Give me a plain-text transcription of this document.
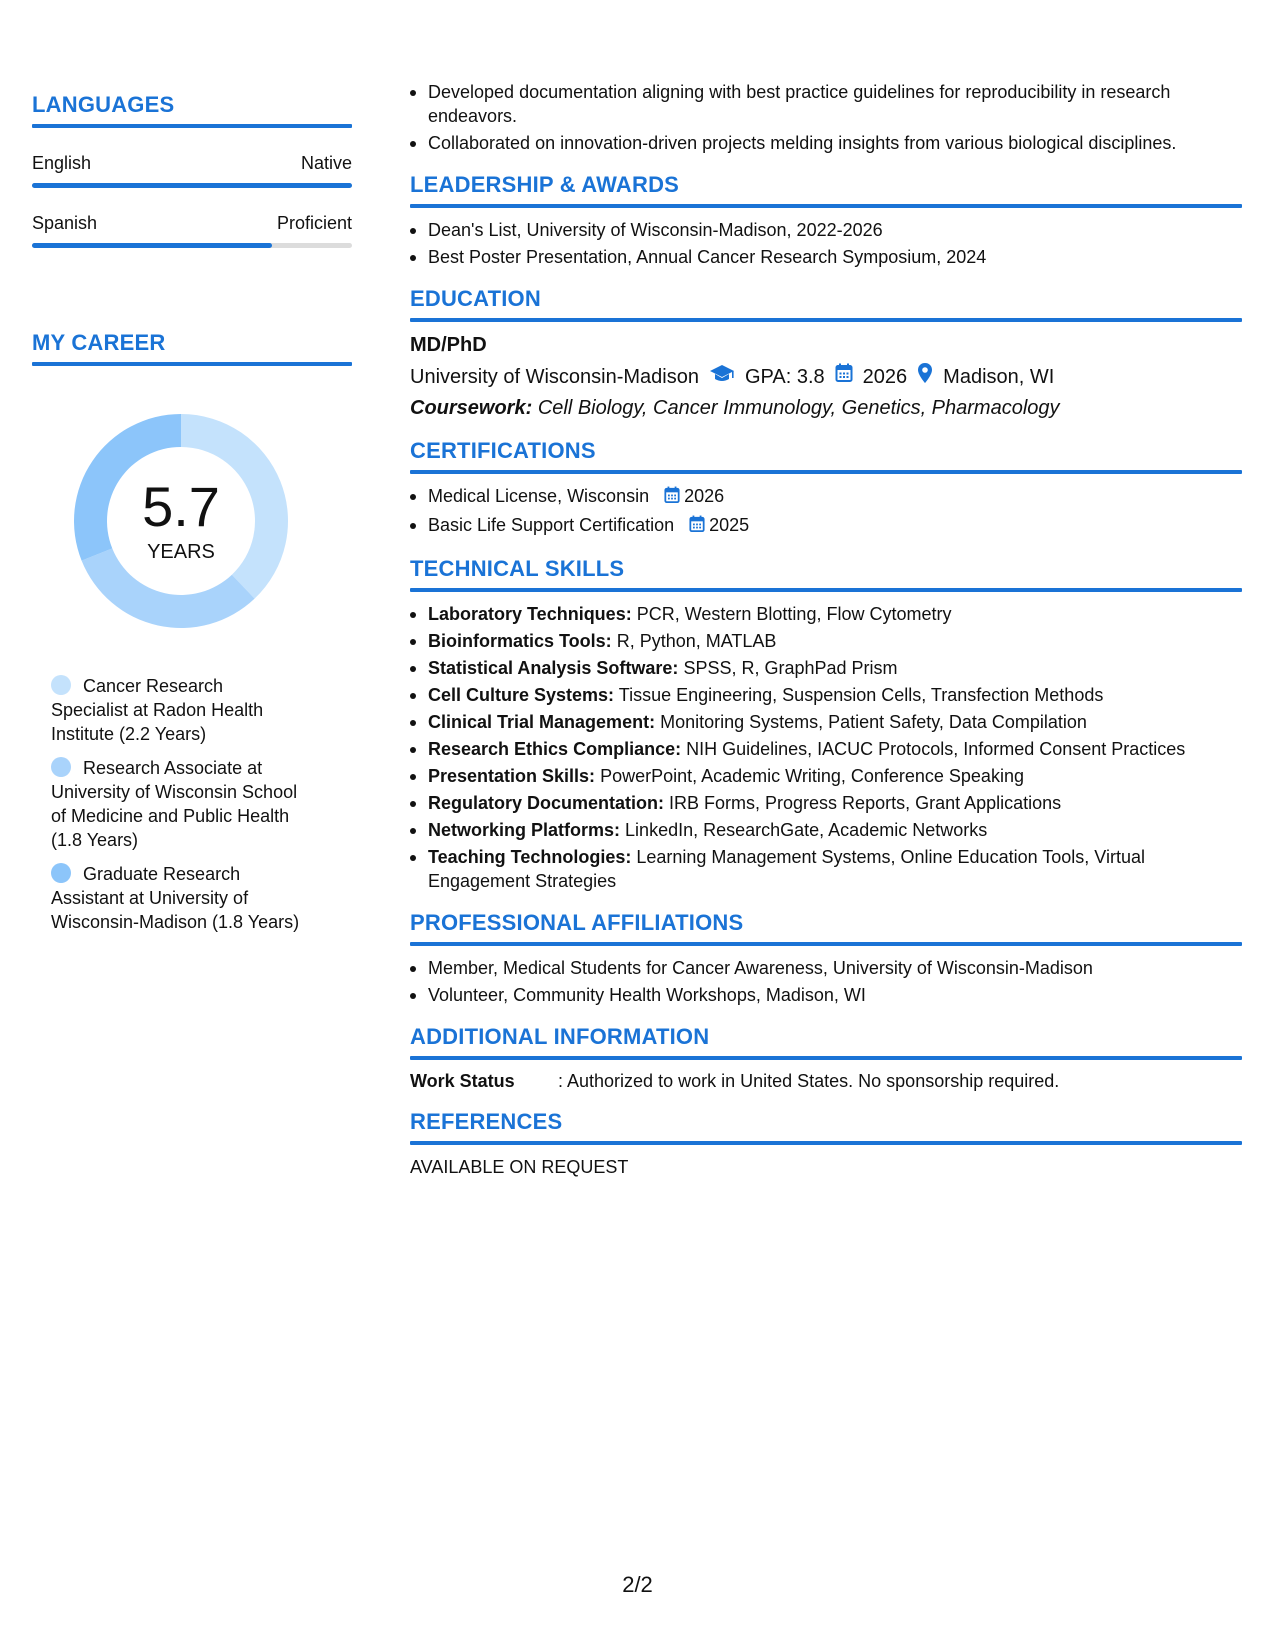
LANGUAGES
English	Native
Spanish	Proficient
MY CAREER
5.7
YEARS
Cancer Research Specialist at Radon Health Institute (2.2 Years)
Research Associate at University of Wisconsin School of Medicine and Public Health (1.8 Years)
Graduate Research Assistant at University of Wisconsin-Madison (1.8 Years)
Developed documentation aligning with best practice guidelines for reproducibility in research endeavors.
Collaborated on innovation-driven projects melding insights from various biological disciplines.
LEADERSHIP & AWARDS
Dean's List, University of Wisconsin-Madison, 2022-2026
Best Poster Presentation, Annual Cancer Research Symposium, 2024
EDUCATION
MD/PhD
University of Wisconsin-Madison GPA: 3.8 2026 Madison, WI
Coursework: Cell Biology, Cancer Immunology, Genetics, Pharmacology
CERTIFICATIONS
Medical License, Wisconsin 2026
Basic Life Support Certification 2025
TECHNICAL SKILLS
Laboratory Techniques: PCR, Western Blotting, Flow Cytometry
Bioinformatics Tools: R, Python, MATLAB
Statistical Analysis Software: SPSS, R, GraphPad Prism
Cell Culture Systems: Tissue Engineering, Suspension Cells, Transfection Methods
Clinical Trial Management: Monitoring Systems, Patient Safety, Data Compilation
Research Ethics Compliance: NIH Guidelines, IACUC Protocols, Informed Consent Practices
Presentation Skills: PowerPoint, Academic Writing, Conference Speaking
Regulatory Documentation: IRB Forms, Progress Reports, Grant Applications
Networking Platforms: LinkedIn, ResearchGate, Academic Networks
Teaching Technologies: Learning Management Systems, Online Education Tools, Virtual Engagement Strategies
PROFESSIONAL AFFILIATIONS
Member, Medical Students for Cancer Awareness, University of Wisconsin-Madison
Volunteer, Community Health Workshops, Madison, WI
ADDITIONAL INFORMATION
Work Status	: Authorized to work in United States. No sponsorship required.
REFERENCES
AVAILABLE ON REQUEST
2/2
